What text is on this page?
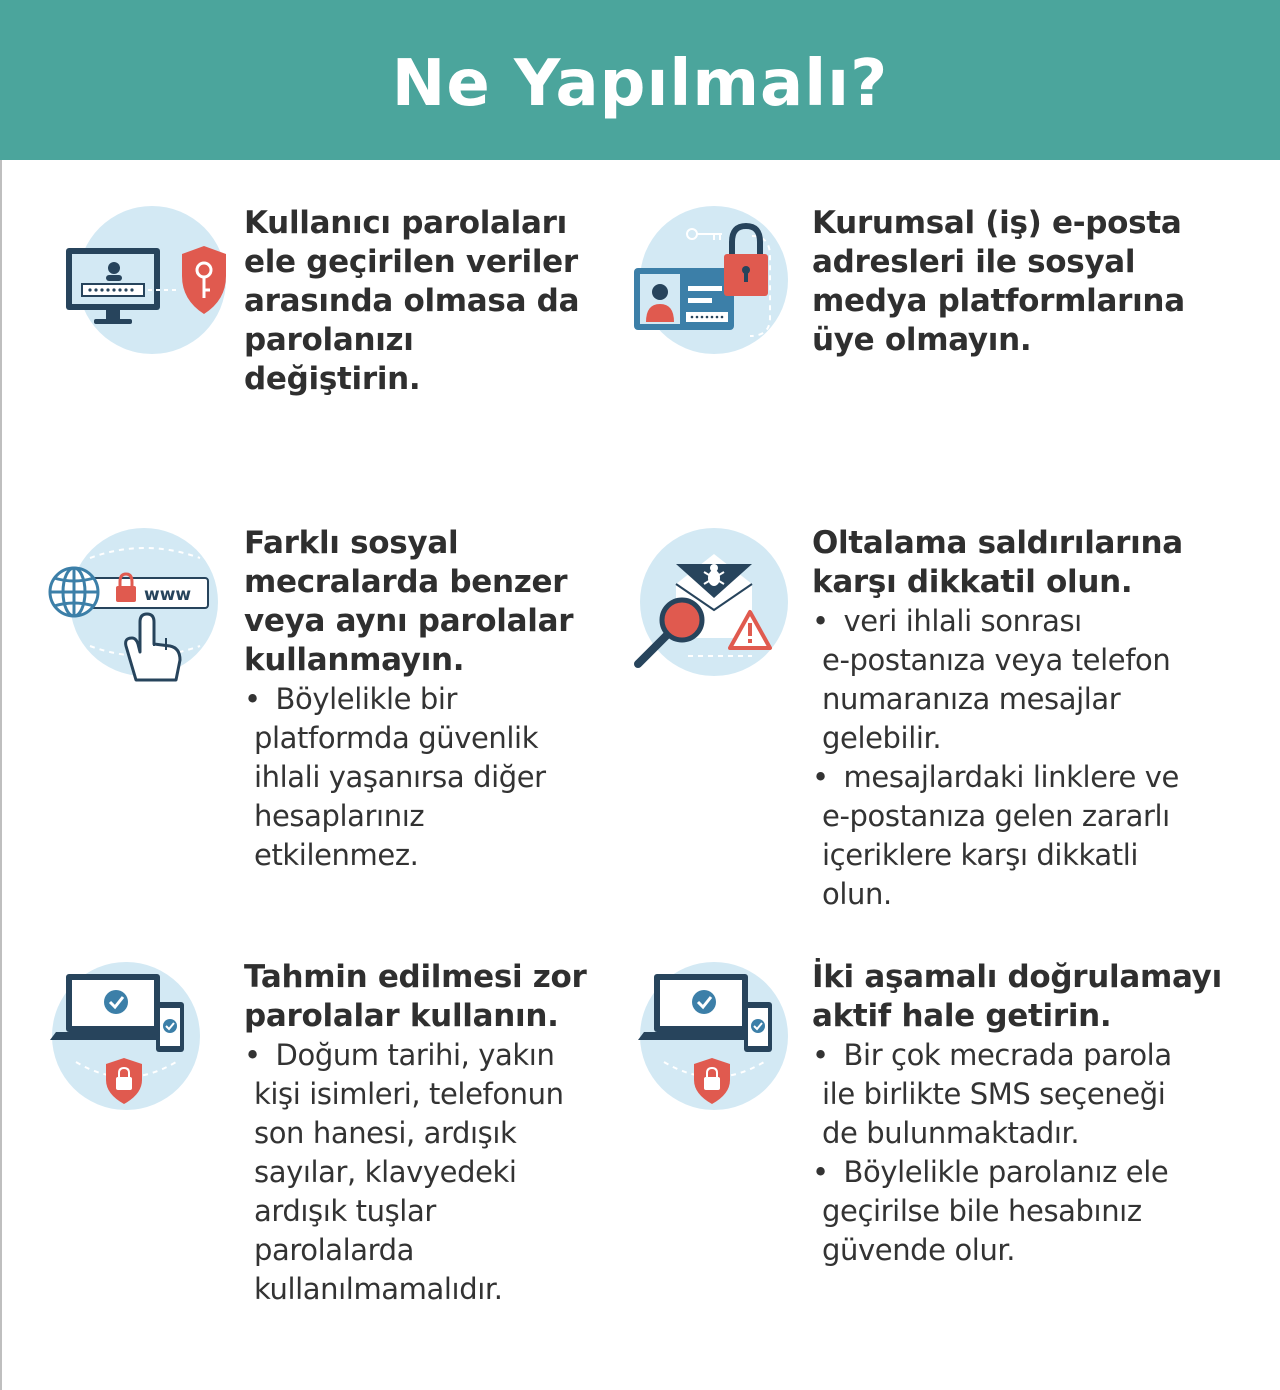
Ne Yapılmalı?

Kullanıcı parolaları
ele geçirilen veriler
arasında olmasa da
parolanızı
değiştirin.

Kurumsal (iş) e-posta
adresleri ile sosyal
medya platformlarına
üye olmayın.

www

Farklı sosyal
mecralarda benzer
veya aynı parolalar
kullanmayın.

• Böylelikle bir
platformda güvenlik
ihlali yaşanırsa diğer
hesaplarınız
etkilenmez.

Oltalama saldırılarına
karşı dikkatil olun.

• veri ihlali sonrası
e-postanıza veya telefon
numaranıza mesajlar
gelebilir.
• mesajlardaki linklere ve
e-postanıza gelen zararlı
içeriklere karşı dikkatli
olun.

Tahmin edilmesi zor
parolalar kullanın.

• Doğum tarihi, yakın
kişi isimleri, telefonun
son hanesi, ardışık
sayılar, klavyedeki
ardışık tuşlar
parolalarda
kullanılmamalıdır.

İki aşamalı doğrulamayı
aktif hale getirin.

• Bir çok mecrada parola
ile birlikte SMS seçeneği
de bulunmaktadır.
• Böylelikle parolanız ele
geçirilse bile hesabınız
güvende olur.
